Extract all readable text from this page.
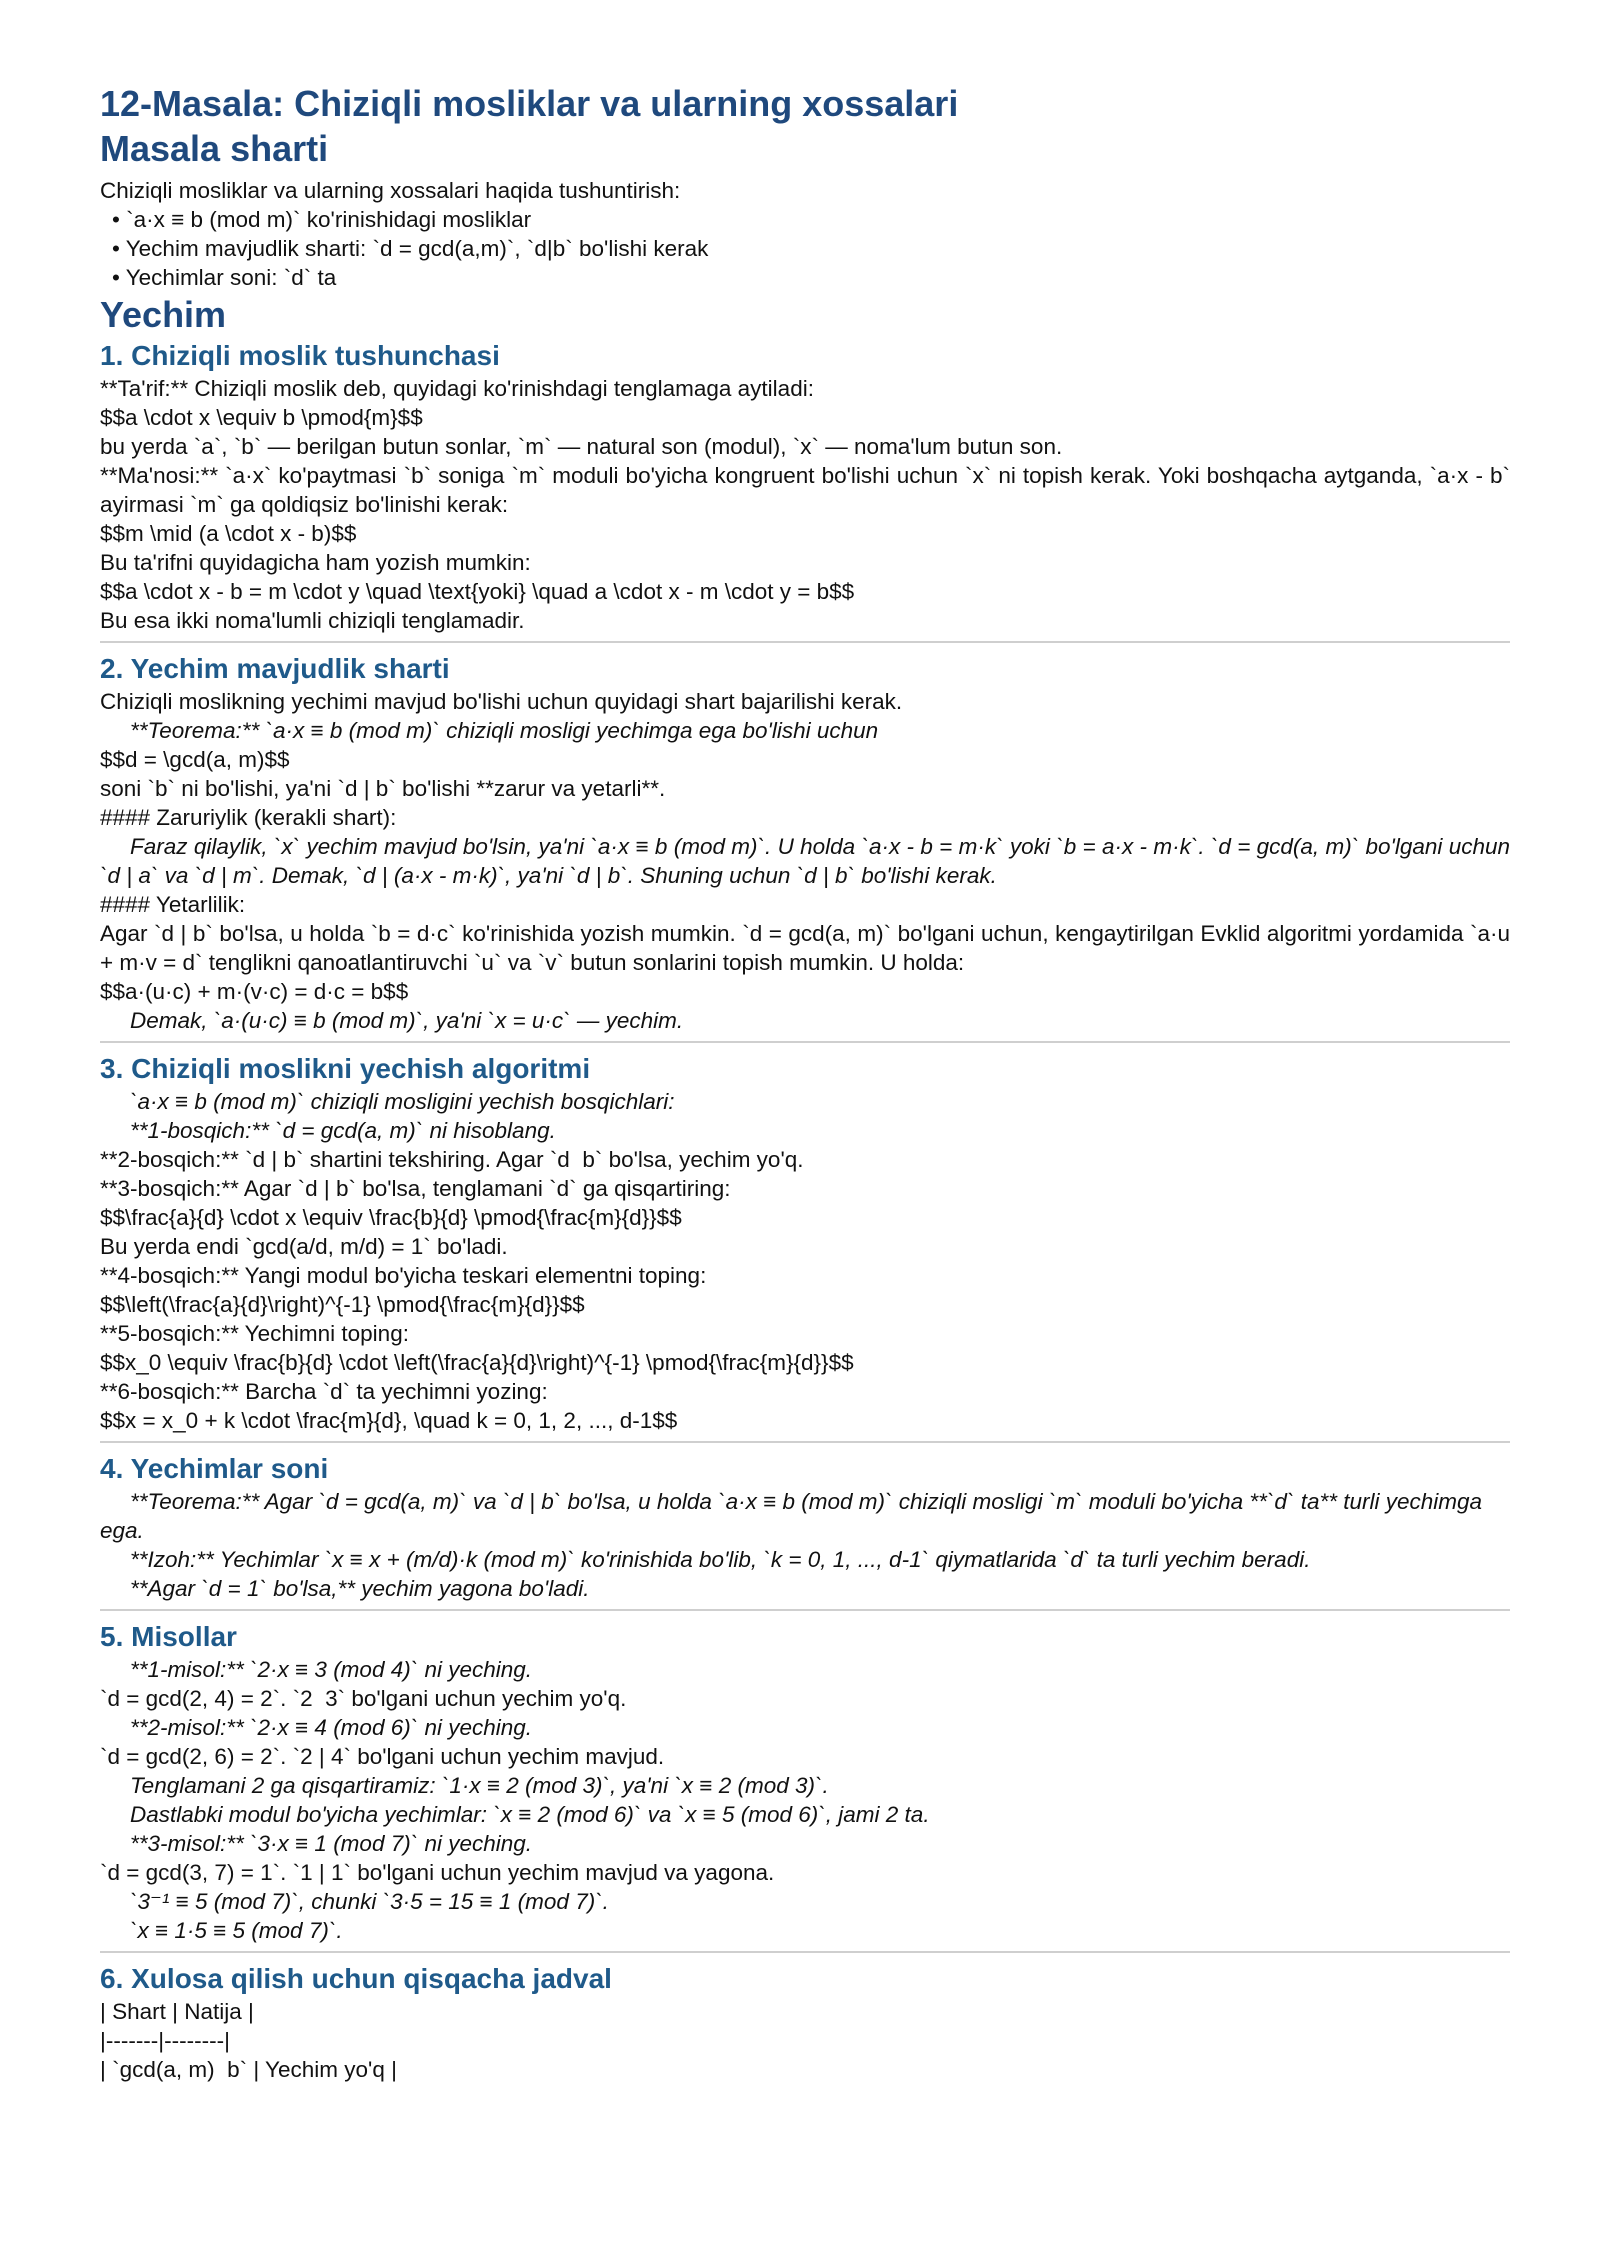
12-Masala: Chiziqli mosliklar va ularning xossalari
Masala sharti

Chiziqli mosliklar va ularning xossalari haqida tushuntirish:

• `a·x ≡ b (mod m)` ko'rinishidagi mosliklar

• Yechim mavjudlik sharti: `d = gcd(a,m)`, `d|b` bo'lishi kerak

• Yechimlar soni: `d` ta

Yechim
1. Chiziqli moslik tushunchasi

**Ta'rif:** Chiziqli moslik deb, quyidagi ko'rinishdagi tenglamaga aytiladi:

$$a \cdot x \equiv b \pmod{m}$$

bu yerda `a`, `b` — berilgan butun sonlar, `m` — natural son (modul), `x` — noma'lum butun son.

**Ma'nosi:** `a·x` ko'paytmasi `b` soniga `m` moduli bo'yicha kongruent bo'lishi uchun `x` ni topish kerak. Yoki boshqacha aytganda, `a·x - b` ayirmasi `m` ga qoldiqsiz bo'linishi kerak:

$$m \mid (a \cdot x - b)$$

Bu ta'rifni quyidagicha ham yozish mumkin:

$$a \cdot x - b = m \cdot y \quad \text{yoki} \quad a \cdot x - m \cdot y = b$$

Bu esa ikki noma'lumli chiziqli tenglamadir.

2. Yechim mavjudlik sharti

Chiziqli moslikning yechimi mavjud bo'lishi uchun quyidagi shart bajarilishi kerak.

**Teorema:** `a·x ≡ b (mod m)` chiziqli mosligi yechimga ega bo'lishi uchun

$$d = \gcd(a, m)$$

soni `b` ni bo'lishi, ya'ni `d | b` bo'lishi **zarur va yetarli**.

#### Zaruriylik (kerakli shart):

Faraz qilaylik, `x` yechim mavjud bo'lsin, ya'ni `a·x ≡ b (mod m)`. U holda `a·x - b = m·k` yoki `b = a·x - m·k`. `d = gcd(a, m)` bo'lgani uchun `d | a` va `d | m`. Demak, `d | (a·x - m·k)`, ya'ni `d | b`. Shuning uchun `d | b` bo'lishi kerak.

#### Yetarlilik:

Agar `d | b` bo'lsa, u holda `b = d·c` ko'rinishida yozish mumkin. `d = gcd(a, m)` bo'lgani uchun, kengaytirilgan Evklid algoritmi yordamida `a·u + m·v = d` tenglikni qanoatlantiruvchi `u` va `v` butun sonlarini topish mumkin. U holda:

$$a·(u·c) + m·(v·c) = d·c = b$$

Demak, `a·(u·c) ≡ b (mod m)`, ya'ni `x = u·c` — yechim.

3. Chiziqli moslikni yechish algoritmi

`a·x ≡ b (mod m)` chiziqli mosligini yechish bosqichlari:

**1-bosqich:** `d = gcd(a, m)` ni hisoblang.

**2-bosqich:** `d | b` shartini tekshiring. Agar `d  b` bo'lsa, yechim yo'q.

**3-bosqich:** Agar `d | b` bo'lsa, tenglamani `d` ga qisqartiring:

$$\frac{a}{d} \cdot x \equiv \frac{b}{d} \pmod{\frac{m}{d}}$$

Bu yerda endi `gcd(a/d, m/d) = 1` bo'ladi.

**4-bosqich:** Yangi modul bo'yicha teskari elementni toping:

$$\left(\frac{a}{d}\right)^{-1} \pmod{\frac{m}{d}}$$

**5-bosqich:** Yechimni toping:

$$x_0 \equiv \frac{b}{d} \cdot \left(\frac{a}{d}\right)^{-1} \pmod{\frac{m}{d}}$$

**6-bosqich:** Barcha `d` ta yechimni yozing:

$$x = x_0 + k \cdot \frac{m}{d}, \quad k = 0, 1, 2, ..., d-1$$

4. Yechimlar soni

**Teorema:** Agar `d = gcd(a, m)` va `d | b` bo'lsa, u holda `a·x ≡ b (mod m)` chiziqli mosligi `m` moduli bo'yicha **`d` ta** turli yechimga ega.

**Izoh:** Yechimlar `x ≡ x + (m/d)·k (mod m)` ko'rinishida bo'lib, `k = 0, 1, ..., d-1` qiymatlarida `d` ta turli yechim beradi.

**Agar `d = 1` bo'lsa,** yechim yagona bo'ladi.

5. Misollar

**1-misol:** `2·x ≡ 3 (mod 4)` ni yeching.

`d = gcd(2, 4) = 2`. `2  3` bo'lgani uchun yechim yo'q.

**2-misol:** `2·x ≡ 4 (mod 6)` ni yeching.

`d = gcd(2, 6) = 2`. `2 | 4` bo'lgani uchun yechim mavjud.

Tenglamani 2 ga qisqartiramiz: `1·x ≡ 2 (mod 3)`, ya'ni `x ≡ 2 (mod 3)`.

Dastlabki modul bo'yicha yechimlar: `x ≡ 2 (mod 6)` va `x ≡ 5 (mod 6)`, jami 2 ta.

**3-misol:** `3·x ≡ 1 (mod 7)` ni yeching.

`d = gcd(3, 7) = 1`. `1 | 1` bo'lgani uchun yechim mavjud va yagona.

`3⁻¹ ≡ 5 (mod 7)`, chunki `3·5 = 15 ≡ 1 (mod 7)`.

`x ≡ 1·5 ≡ 5 (mod 7)`.

6. Xulosa qilish uchun qisqacha jadval

| Shart | Natija |

|-------|--------|

| `gcd(a, m)  b` | Yechim yo'q |
